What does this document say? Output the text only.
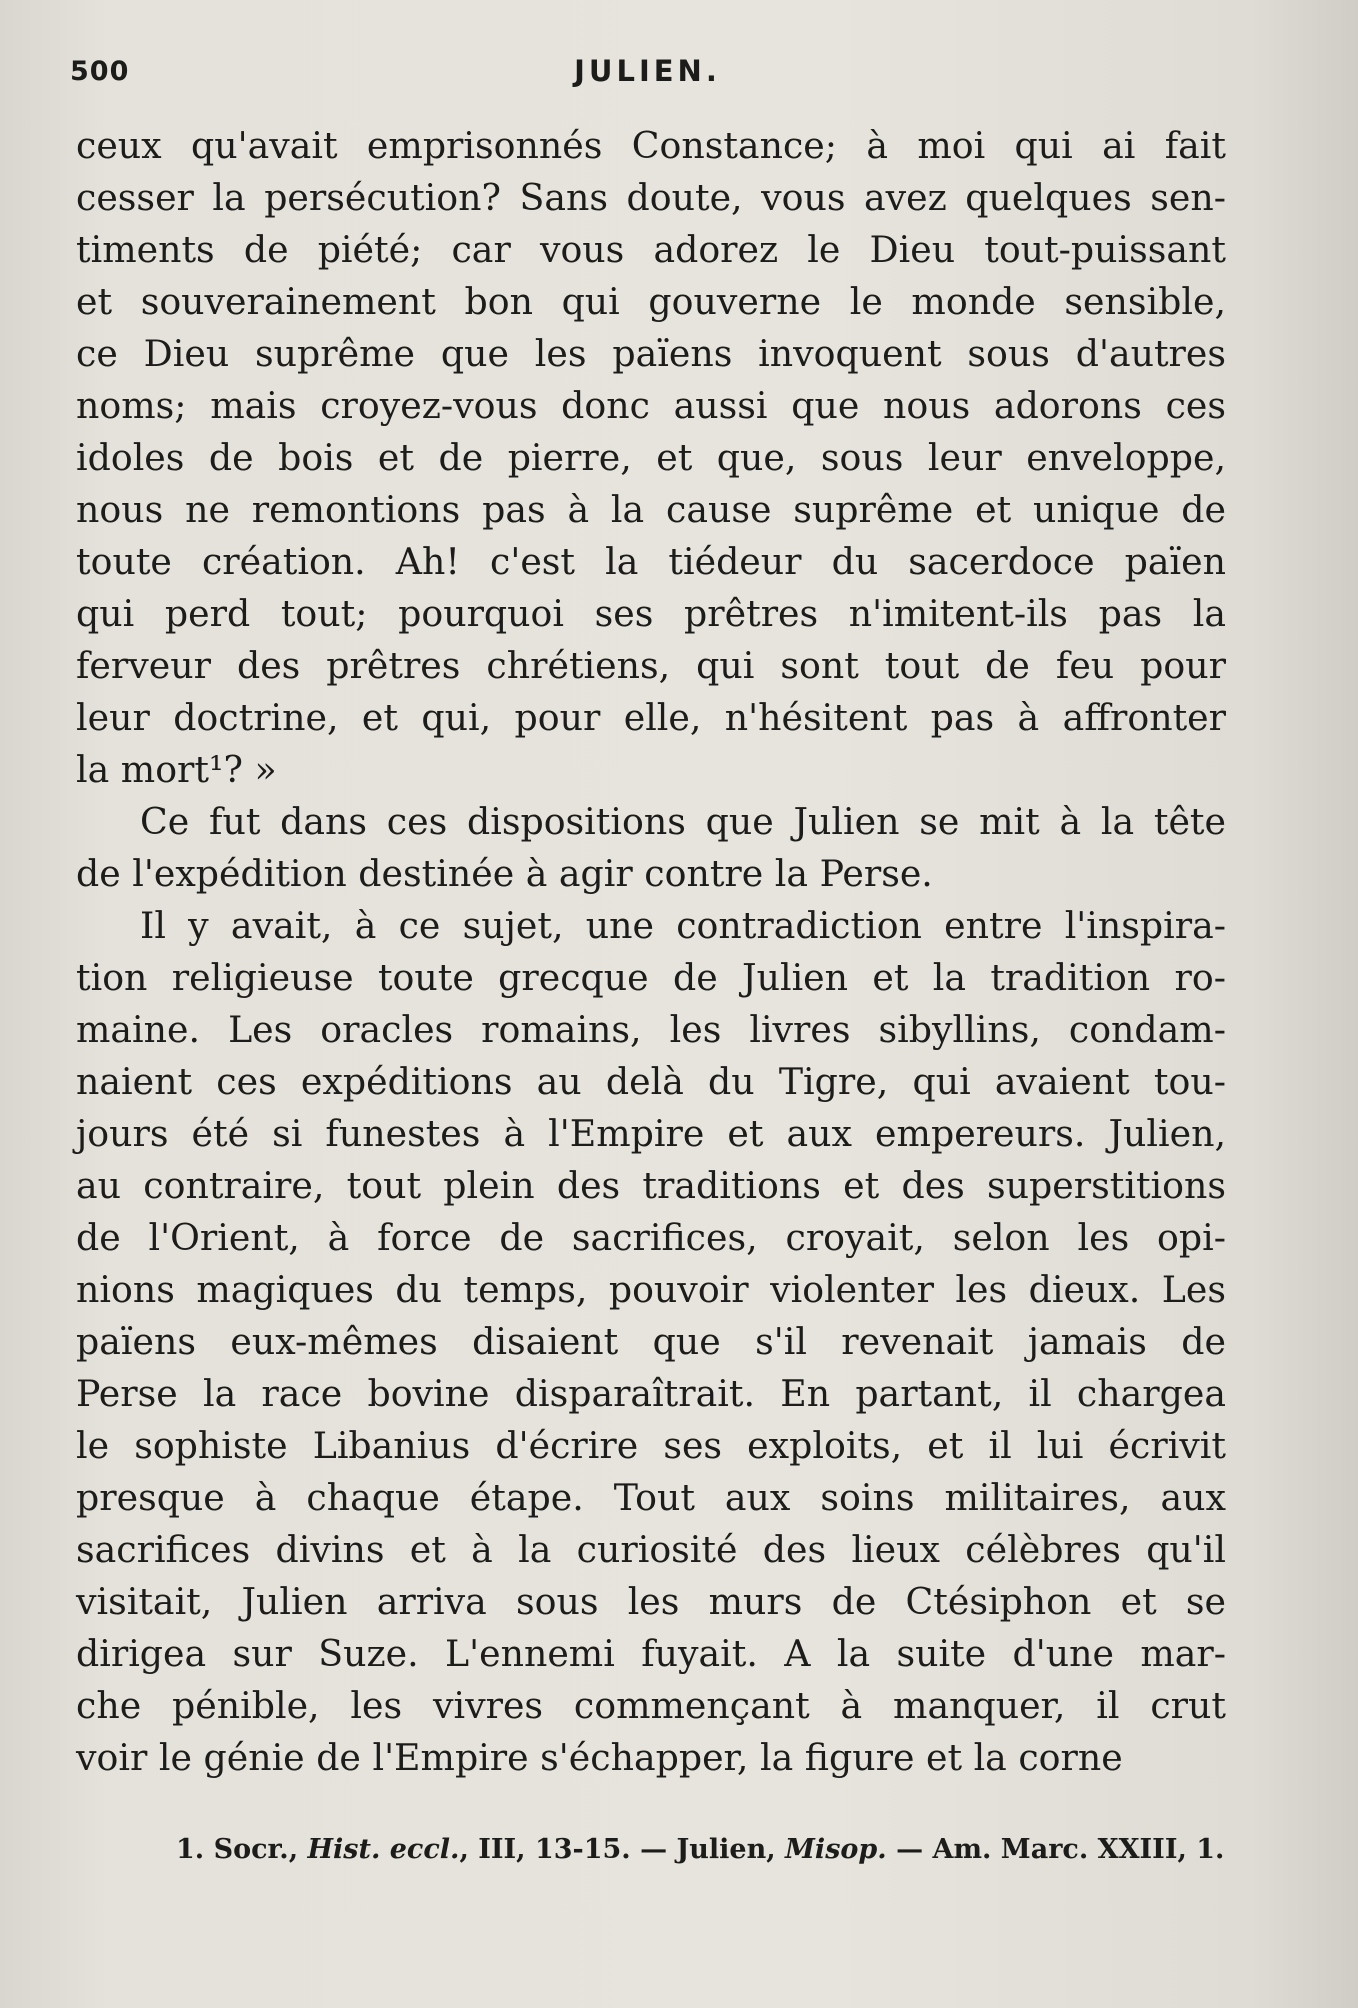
500	JULIEN.
ceux qu'avait emprisonnés Constance; à moi qui ai fait
cesser la persécution? Sans doute, vous avez quelques sen-
timents de piété; car vous adorez le Dieu tout-puissant
et souverainement bon qui gouverne le monde sensible,
ce Dieu suprême que les païens invoquent sous d'autres
noms; mais croyez-vous donc aussi que nous adorons ces
idoles de bois et de pierre, et que, sous leur enveloppe,
nous ne remontions pas à la cause suprême et unique de
toute création. Ah! c'est la tiédeur du sacerdoce païen
qui perd tout; pourquoi ses prêtres n'imitent-ils pas la
ferveur des prêtres chrétiens, qui sont tout de feu pour
leur doctrine, et qui, pour elle, n'hésitent pas à affronter
la mort¹? »
Ce fut dans ces dispositions que Julien se mit à la tête
de l'expédition destinée à agir contre la Perse.
Il y avait, à ce sujet, une contradiction entre l'inspira-
tion religieuse toute grecque de Julien et la tradition ro-
maine. Les oracles romains, les livres sibyllins, condam-
naient ces expéditions au delà du Tigre, qui avaient tou-
jours été si funestes à l'Empire et aux empereurs. Julien,
au contraire, tout plein des traditions et des superstitions
de l'Orient, à force de sacrifices, croyait, selon les opi-
nions magiques du temps, pouvoir violenter les dieux. Les
païens eux-mêmes disaient que s'il revenait jamais de
Perse la race bovine disparaîtrait. En partant, il chargea
le sophiste Libanius d'écrire ses exploits, et il lui écrivit
presque à chaque étape. Tout aux soins militaires, aux
sacrifices divins et à la curiosité des lieux célèbres qu'il
visitait, Julien arriva sous les murs de Ctésiphon et se
dirigea sur Suze. L'ennemi fuyait. A la suite d'une mar-
che pénible, les vivres commençant à manquer, il crut
voir le génie de l'Empire s'échapper, la figure et la corne
1. Socr., Hist. eccl., III, 13-15. — Julien, Misop. — Am. Marc. XXIII, 1.
